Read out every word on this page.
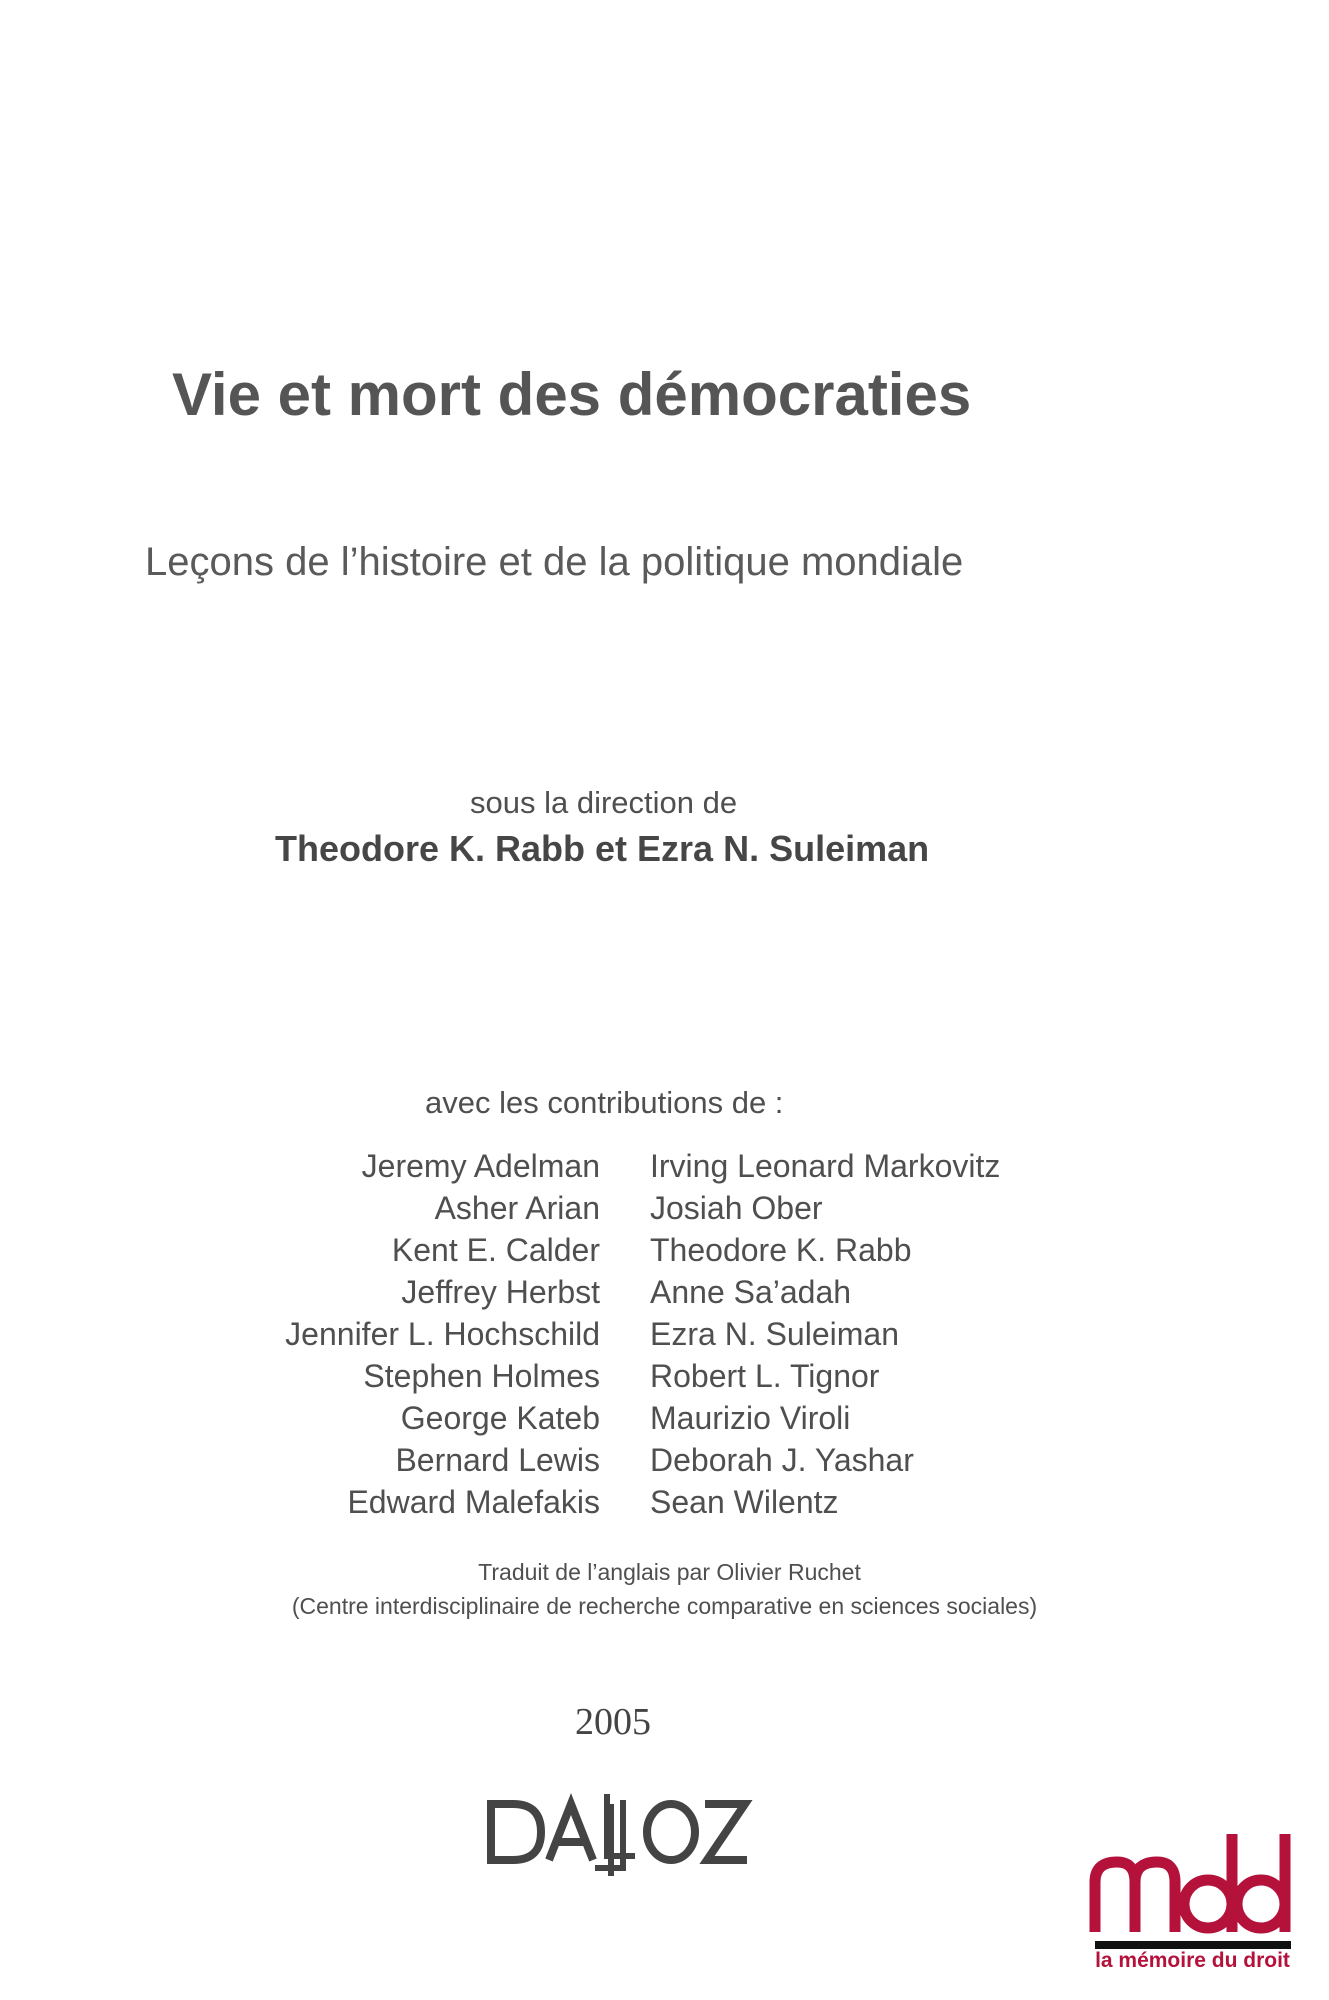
Vie et mort des démocraties
Leçons de l’histoire et de la politique mondiale
sous la direction de
Theodore K. Rabb et Ezra N. Suleiman
avec les contributions de :
Jeremy Adelman
Asher Arian
Kent E. Calder
Jeffrey Herbst
Jennifer L. Hochschild
Stephen Holmes
George Kateb
Bernard Lewis
Edward Malefakis
Irving Leonard Markovitz
Josiah Ober
Theodore K. Rabb
Anne Sa’adah
Ezra N. Suleiman
Robert L. Tignor
Maurizio Viroli
Deborah J. Yashar
Sean Wilentz
Traduit de l’anglais par Olivier Ruchet
(Centre interdisciplinaire de recherche comparative en sciences sociales)
2005
la mémoire du droit
